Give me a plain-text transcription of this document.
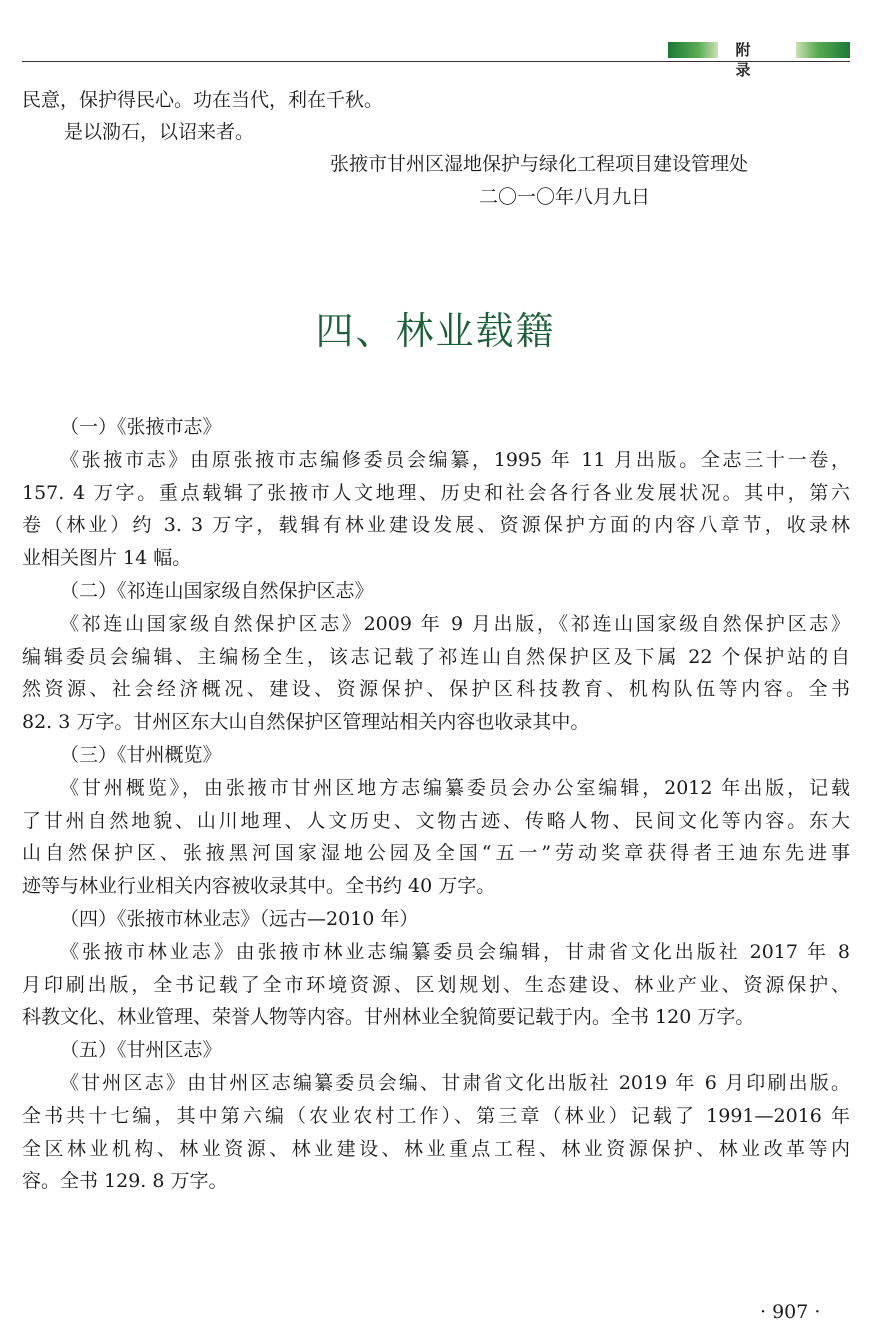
附 录
民意，保护得民心。功在当代，利在千秋。
是以泐石，以诏来者。
张掖市甘州区湿地保护与绿化工程项目建设管理处
二〇一〇年八月九日
四、林业载籍

（一）《张掖市志》

《张掖市志》由原张掖市志编修委员会编纂，1995 年 11 月出版。全志三十一卷，

157. 4 万字。重点载辑了张掖市人文地理、历史和社会各行各业发展状况。其中，第六

卷（林业）约 3. 3 万字，载辑有林业建设发展、资源保护方面的内容八章节，收录林

业相关图片 14 幅。

（二）《祁连山国家级自然保护区志》

《祁连山国家级自然保护区志》2009 年 9 月出版，《祁连山国家级自然保护区志》

编辑委员会编辑、主编杨全生，该志记载了祁连山自然保护区及下属 22 个保护站的自

然资源、社会经济概况、建设、资源保护、保护区科技教育、机构队伍等内容。全书

82. 3 万字。甘州区东大山自然保护区管理站相关内容也收录其中。

（三）《甘州概览》

《甘州概览》，由张掖市甘州区地方志编纂委员会办公室编辑，2012 年出版，记载

了甘州自然地貌、山川地理、人文历史、文物古迹、传略人物、民间文化等内容。东大

山自然保护区、张掖黑河国家湿地公园及全国“五一”劳动奖章获得者王迪东先进事

迹等与林业行业相关内容被收录其中。全书约 40 万字。

（四）《张掖市林业志》（远古—2010 年）

《张掖市林业志》由张掖市林业志编纂委员会编辑，甘肃省文化出版社 2017 年 8

月印刷出版，全书记载了全市环境资源、区划规划、生态建设、林业产业、资源保护、

科教文化、林业管理、荣誉人物等内容。甘州林业全貌简要记载于内。全书 120 万字。

（五）《甘州区志》

《甘州区志》由甘州区志编纂委员会编、甘肃省文化出版社 2019 年 6 月印刷出版。

全书共十七编，其中第六编（农业农村工作）、第三章（林业）记载了 1991—2016 年

全区林业机构、林业资源、林业建设、林业重点工程、林业资源保护、林业改革等内

容。全书 129. 8 万字。

· 907 ·
